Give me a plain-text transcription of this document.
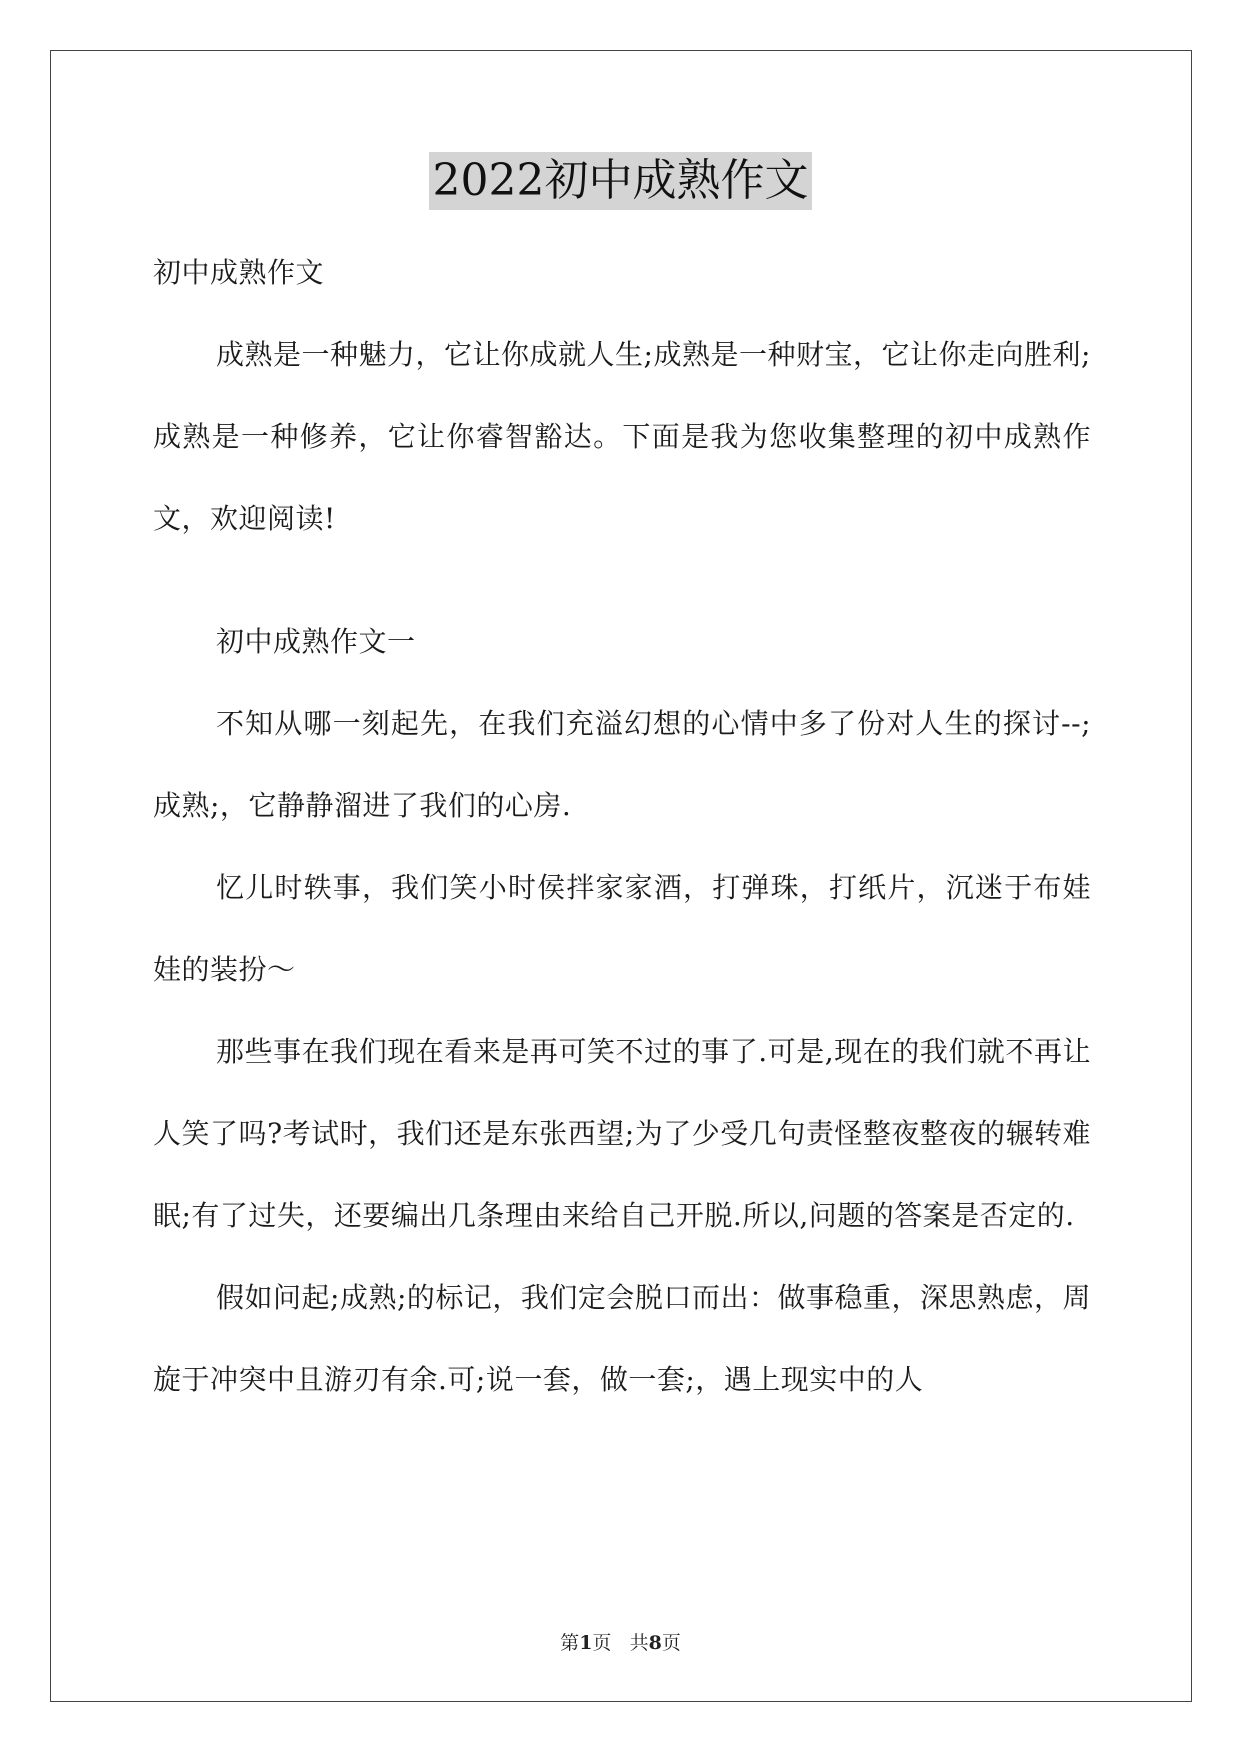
2022初中成熟作文

初中成熟作文

成熟是一种魅力，它让你成就人生;成熟是一种财宝，它让你走向胜利;成熟是一种修养，它让你睿智豁达。下面是我为您收集整理的初中成熟作文，欢迎阅读!

初中成熟作文一

不知从哪一刻起先，在我们充溢幻想的心情中多了份对人生的探讨--;成熟;，它静静溜进了我们的心房.

忆儿时轶事，我们笑小时侯拌家家酒，打弹珠，打纸片，沉迷于布娃娃的装扮～

那些事在我们现在看来是再可笑不过的事了.可是,现在的我们就不再让人笑了吗?考试时，我们还是东张西望;为了少受几句责怪整夜整夜的辗转难眠;有了过失，还要编出几条理由来给自己开脱.所以,问题的答案是否定的.

假如问起;成熟;的标记，我们定会脱口而出：做事稳重，深思熟虑，周旋于冲突中且游刃有余.可;说一套，做一套;，遇上现实中的人

第1页 共8页
